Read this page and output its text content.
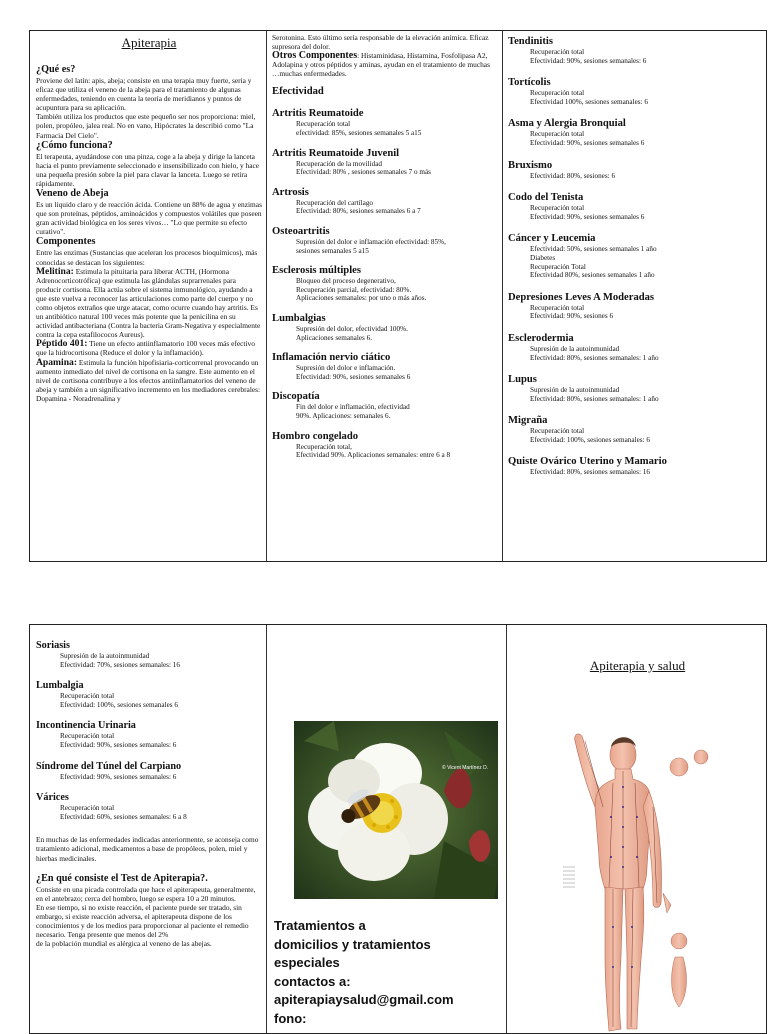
Apiterapia

¿Qué es?

Proviene del latín: apis, abeja; consiste en una terapia muy fuerte, seria y eficaz que utiliza el veneno de la abeja para el tratamiento de algunas enfermedades, teniendo en cuenta la teoría de meridianos y puntos de acupuntura para su aplicación.

También utiliza los productos que este pequeño ser nos proporciona: miel, polen, propóleo, jalea real. No en vano, Hipócrates la describió como "La Farmacia Del Cielo".

¿Cómo funciona?

El terapeuta, ayudándose con una pinza, coge a la abeja y dirige la lanceta hacia el punto previamente seleccionado e insensibilizado con hielo, y hace una pequeña presión sobre la piel para clavar la lanceta. Luego se retira rápidamente.

Veneno de Abeja

Es un líquido claro y de reacción ácida. Contiene un 88% de agua y enzimas que son proteínas, péptidos, aminoácidos y compuestos volátiles que poseen gran actividad biológica en los seres vivos… "Lo que permite su efecto curativo".

Componentes

Entre las enzimas (Sustancias que aceleran los procesos bioquímicos), más conocidas se destacan los siguientes:

Melitina: Estimula la pituitaria para liberar ACTH, (Hormona Adrenocorticotrófica) que estimula las glándulas suprarrenales para producir cortisona. Ella actúa sobre el sistema inmunológico, ayudando a que este vuelva a reconocer las articulaciones como parte del cuerpo y no como objetos extraños que urge atacar, como ocurre cuando hay artritis. Es un antibiótico natural 100 veces más potente que la penicilina en su actividad antibacteriana (Contra la bacteria Gram-Negativa y especialmente contra la cepa estafilococos Aureus).

Péptido 401: Tiene un efecto antiinflamatorio 100 veces más efectivo que la hidrocortisona (Reduce el dolor y la inflamación).

Apamina: Estimula la función hipofisiaria-corticorrenal provocando un aumento inmediato del nivel de cortisona en la sangre. Este aumento en el nivel de cortisona contribuye a los efectos antiinflamatorios del veneno de abeja y también a un significativo incremento en los mediadores cerebrales: Dopamina - Noradrenalina y

Serotonina. Esto último sería responsable de la elevación anímica. Eficaz supresora del dolor.

Otros Componentes: Histaminidasa, Histamina, Fosfolipasa A2, Adolapina y otros péptidos y aminas, ayudan en el tratamiento de muchas …muchas enfermedades.

Efectividad

Artritis Reumatoide

Recuperación total

efectividad: 85%, sesiones semanales 5 a15

Artritis Reumatoide Juvenil

Recuperación de la movilidad

Efectividad: 80% , sesiones semanales 7 o más

Artrosis

Recuperación del cartílago

Efectividad: 80%, sesiones semanales 6 a 7

Osteoartritis

Supresión del dolor e inflamación efectividad: 85%,

sesiones semanales 5 a15

Esclerosis múltiples

Bloqueo del proceso degenerativo,

Recuperación parcial, efectividad: 80%.

Aplicaciones semanales: por uno o más años.

Lumbalgias

Supresión del dolor, efectividad 100%.

Aplicaciones semanales 6.

Inflamación nervio ciático

Supresión del dolor e inflamación.

Efectividad: 90%, sesiones semanales 6

Discopatía

Fin del dolor e inflamación, efectividad

90%. Aplicaciones: semanales 6.

Hombro congelado

Recuperación total,

Efectividad 90%. Aplicaciones semanales: entre 6 a 8

Tendinitis

Recuperación total

Efectividad: 90%, sesiones semanales: 6

Tortícolis

Recuperación total

Efectividad 100%, sesiones semanales: 6

Asma y Alergia Bronquial

Recuperación total

Efectividad: 90%, sesiones semanales 6

Bruxismo

Efectividad: 80%, sesiones: 6

Codo del Tenista

Recuperación total

Efectividad: 90%, sesiones semanales 6

Cáncer y Leucemia

Efectividad: 50%, sesiones semanales 1 año

Diabetes

Recuperación Total

Efectividad 80%, sesiones semanales 1 año

Depresiones Leves A Moderadas

Recuperación total

Efectividad: 90%, sesiones 6

Esclerodermia

Supresión de la autoinmunidad

Efectividad: 80%, sesiones semanales: 1 año

Lupus

Supresión de la autoinmunidad

Efectividad: 80%, sesiones semanales: 1 año

Migraña

Recuperación total

Efectividad: 100%, sesiones semanales: 6

Quiste Ovárico Uterino y Mamario

Efectividad: 80%, sesiones semanales: 16

Soriasis

Supresión de la autoinmunidad

Efectividad: 70%, sesiones semanales: 16

Lumbalgia

Recuperación total

Efectividad: 100%, sesiones semanales 6

Incontinencia Urinaria

Recuperación total

Efectividad: 90%, sesiones semanales: 6

Síndrome del Túnel del Carpiano

Efectividad: 90%, sesiones semanales: 6

Várices

Recuperación total

Efectividad: 60%, sesiones semanales: 6 a 8

En muchas de las enfermedades indicadas anteriormente, se aconseja como tratamiento adicional, medicamentos a base de propóleos, polen, miel y hierbas medicinales.

¿En qué consiste el Test de Apiterapia?.

Consiste en una picada controlada que hace el apiterapeuta, generalmente, en el antebrazo; cerca del hombro, luego se espera 10 a 20 minutos.

En ese tiempo, si no existe reacción, el paciente puede ser tratado, sin embargo, si existe reacción adversa, el apiterapeuta dispone de los conocimientos y de los medios para proporcionar al paciente el remedio necesario. Tenga presente que menos del 2%

de la población mundial es alérgica al veneno de las abejas.

© Vicent Martínez D.
Tratamientos a
domicilios y tratamientos
especiales
contactos a:
apiterapiaysalud@gmail.com
fono:
Apiterapia y salud
